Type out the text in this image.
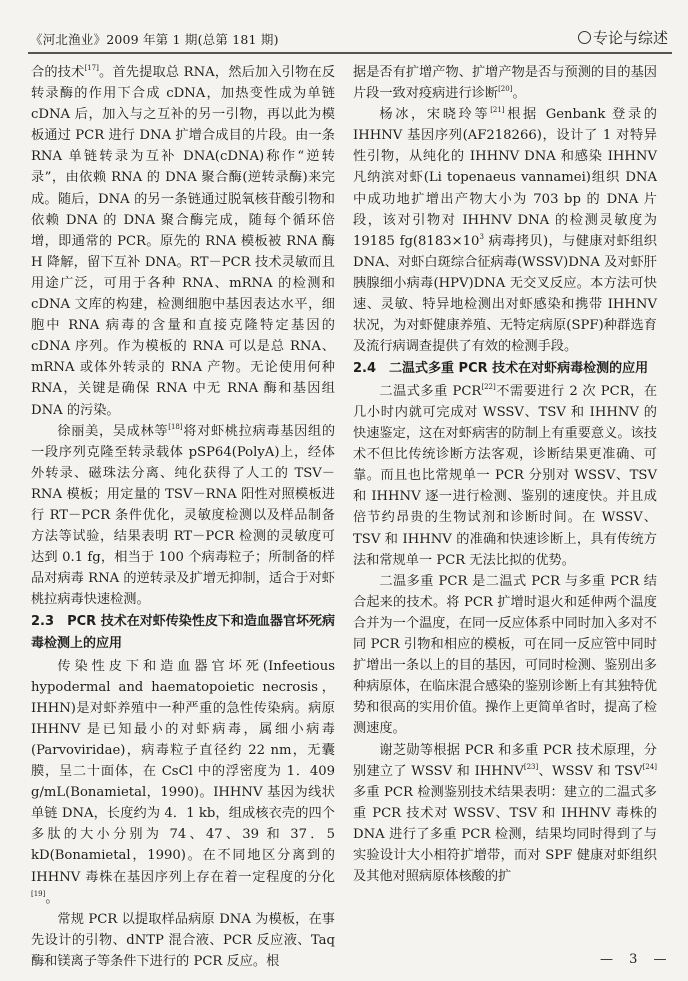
《河北渔业》2009 年第 1 期(总第 181 期)	专论与综述

合的技术[17]。首先提取总 RNA，然后加入引物在反转录酶的作用下合成 cDNA，加热变性成为单链 cDNA 后，加入与之互补的另一引物，再以此为模板通过 PCR 进行 DNA 扩增合成目的片段。由一条 RNA 单链转录为互补 DNA(cDNA)称作“逆转录”，由依赖 RNA 的 DNA 聚合酶(逆转录酶)来完成。随后，DNA 的另一条链通过脱氧核苷酸引物和依赖 DNA 的 DNA 聚合酶完成，随每个循环倍增，即通常的 PCR。原先的 RNA 模板被 RNA 酶 H 降解，留下互补 DNA。RT－PCR 技术灵敏而且用途广泛，可用于各种 RNA、mRNA 的检测和 cDNA 文库的构建，检测细胞中基因表达水平，细胞中 RNA 病毒的含量和直接克隆特定基因的 cDNA 序列。作为模板的 RNA 可以是总 RNA、mRNA 或体外转录的 RNA 产物。无论使用何种 RNA，关键是确保 RNA 中无 RNA 酶和基因组 DNA 的污染。

徐丽美，吴成林等[18]将对虾桃拉病毒基因组的一段序列克隆至转录载体 pSP64(PolyA)上，经体外转录、磁珠法分离、纯化获得了人工的 TSV－RNA 模板；用定量的 TSV－RNA 阳性对照模板进行 RT－PCR 条件优化，灵敏度检测以及样品制备方法等试验，结果表明 RT－PCR 检测的灵敏度可达到 0.1 fg，相当于 100 个病毒粒子；所制备的样品对病毒 RNA 的逆转录及扩增无抑制，适合于对虾桃拉病毒快速检测。

2.3　PCR 技术在对虾传染性皮下和造血器官坏死病毒检测上的应用

传染性皮下和造血器官坏死(Infeetious hypodermal and haematopoietic necrosis，IHHN)是对虾养殖中一种严重的急性传染病。病原 IHHNV 是已知最小的对虾病毒，属细小病毒(Parvoviridae)，病毒粒子直径约 22 nm，无囊膜，呈二十面体，在 CsCl 中的浮密度为 1．409 g/mL(Bonamietal，1990)。IHHNV 基因为线状单链 DNA，长度约为 4．1 kb，组成核衣壳的四个多肽的大小分别为 74、47、39 和 37．5 kD(Bonamietal，1990)。在不同地区分离到的 IHHNV 毒株在基因序列上存在着一定程度的分化[19]。

常规 PCR 以提取样品病原 DNA 为模板，在事先设计的引物、dNTP 混合液、PCR 反应液、Taq 酶和镁离子等条件下进行的 PCR 反应。根

据是否有扩增产物、扩增产物是否与预测的目的基因片段一致对疫病进行诊断[20]。

杨冰，宋晓玲等[21]根据 Genbank 登录的 IHHNV 基因序列(AF218266)，设计了 1 对特异性引物，从纯化的 IHHNV DNA 和感染 IHHNV 凡纳滨对虾(Li topenaeus vannamei)组织 DNA 中成功地扩增出产物大小为 703 bp 的 DNA 片段，该对引物对 IHHNV DNA 的检测灵敏度为 19185 $fg(8183\times 10^3$ 病毒拷贝)，与健康对虾组织 DNA、对虾白斑综合征病毒(WSSV)DNA 及对虾肝胰腺细小病毒(HPV)DNA 无交叉反应。本方法可快速、灵敏、特异地检测出对虾感染和携带 IHHNV 状况，为对虾健康养殖、无特定病原(SPF)种群选育及流行病调查提供了有效的检测手段。

2.4　二温式多重 PCR 技术在对虾病毒检测的应用

二温式多重 PCR[22]不需要进行 2 次 PCR，在几小时内就可完成对 WSSV、TSV 和 IHHNV 的快速鉴定，这在对虾病害的防制上有重要意义。该技术不但比传统诊断方法客观，诊断结果更准确、可靠。而且也比常规单一 PCR 分别对 WSSV、TSV 和 IHHNV 逐一进行检测、鉴别的速度快。并且成倍节约昂贵的生物试剂和诊断时间。在 WSSV、TSV 和 IHHNV 的准确和快速诊断上，具有传统方法和常规单一 PCR 无法比拟的优势。

二温多重 PCR 是二温式 PCR 与多重 PCR 结合起来的技术。将 PCR 扩增时退火和延伸两个温度合并为一个温度，在同一反应体系中同时加入多对不同 PCR 引物和相应的模板，可在同一反应管中同时扩增出一条以上的目的基因，可同时检测、鉴别出多种病原体，在临床混合感染的鉴别诊断上有其独特优势和很高的实用价值。操作上更简单省时，提高了检测速度。

谢芝勋等根据 PCR 和多重 PCR 技术原理，分别建立了 WSSV 和 IHHNV[23]、WSSV 和 TSV[24]多重 PCR 检测鉴别技术结果表明：建立的二温式多重 PCR 技术对 WSSV、TSV 和 IHHNV 毒株的 DNA 进行了多重 PCR 检测，结果均同时得到了与实验设计大小相符扩增带，而对 SPF 健康对虾组织及其他对照病原体核酸的扩

— 3 —
